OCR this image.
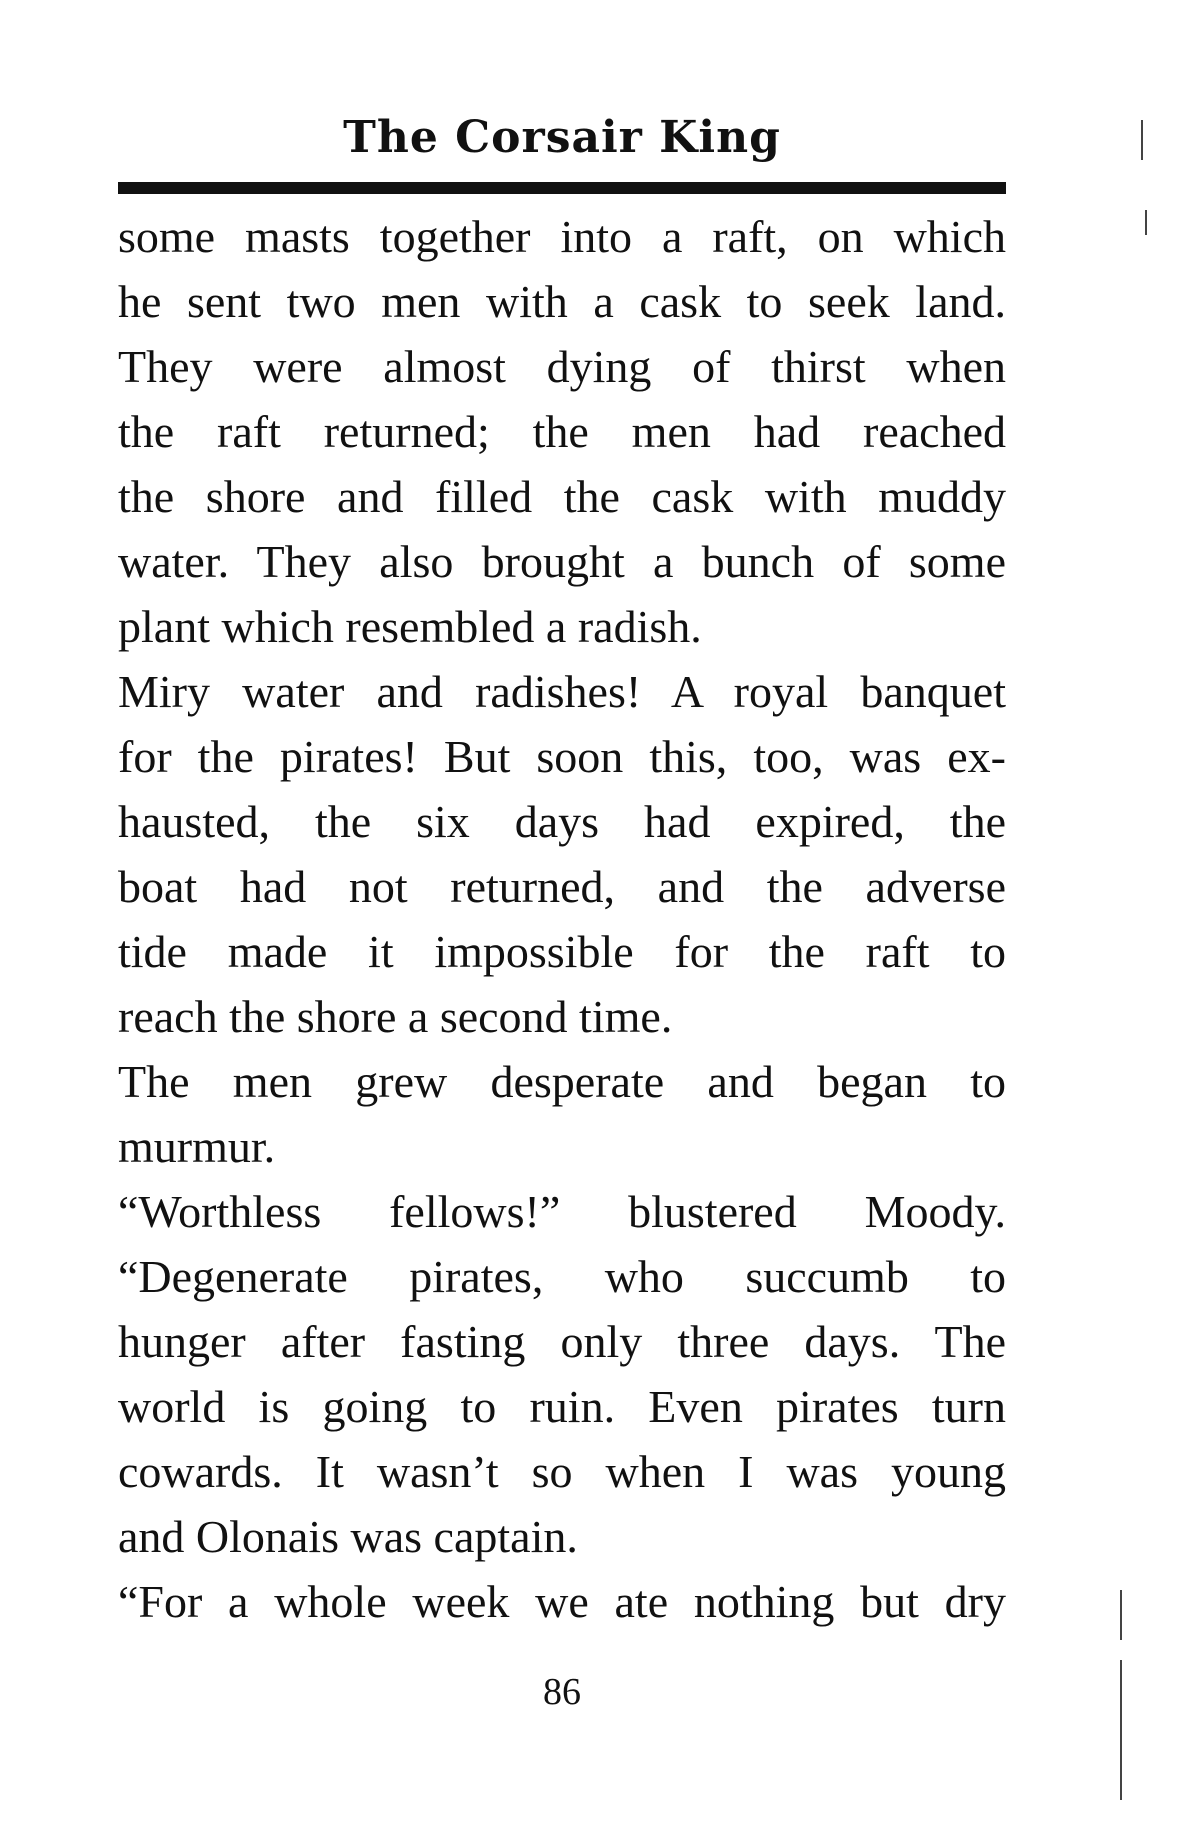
The Corsair King
some masts together into a raft, on which
he sent two men with a cask to seek land.
They were almost dying of thirst when
the raft returned; the men had reached
the shore and filled the cask with muddy
water. They also brought a bunch of some
plant which resembled a radish.
Miry water and radishes! A royal banquet
for the pirates! But soon this, too, was ex-
hausted, the six days had expired, the
boat had not returned, and the adverse
tide made it impossible for the raft to
reach the shore a second time.
The men grew desperate and began to
murmur.
“Worthless fellows!” blustered Moody.
“Degenerate pirates, who succumb to
hunger after fasting only three days. The
world is going to ruin. Even pirates turn
cowards. It wasn’t so when I was young
and Olonais was captain.
“For a whole week we ate nothing but dry
86
